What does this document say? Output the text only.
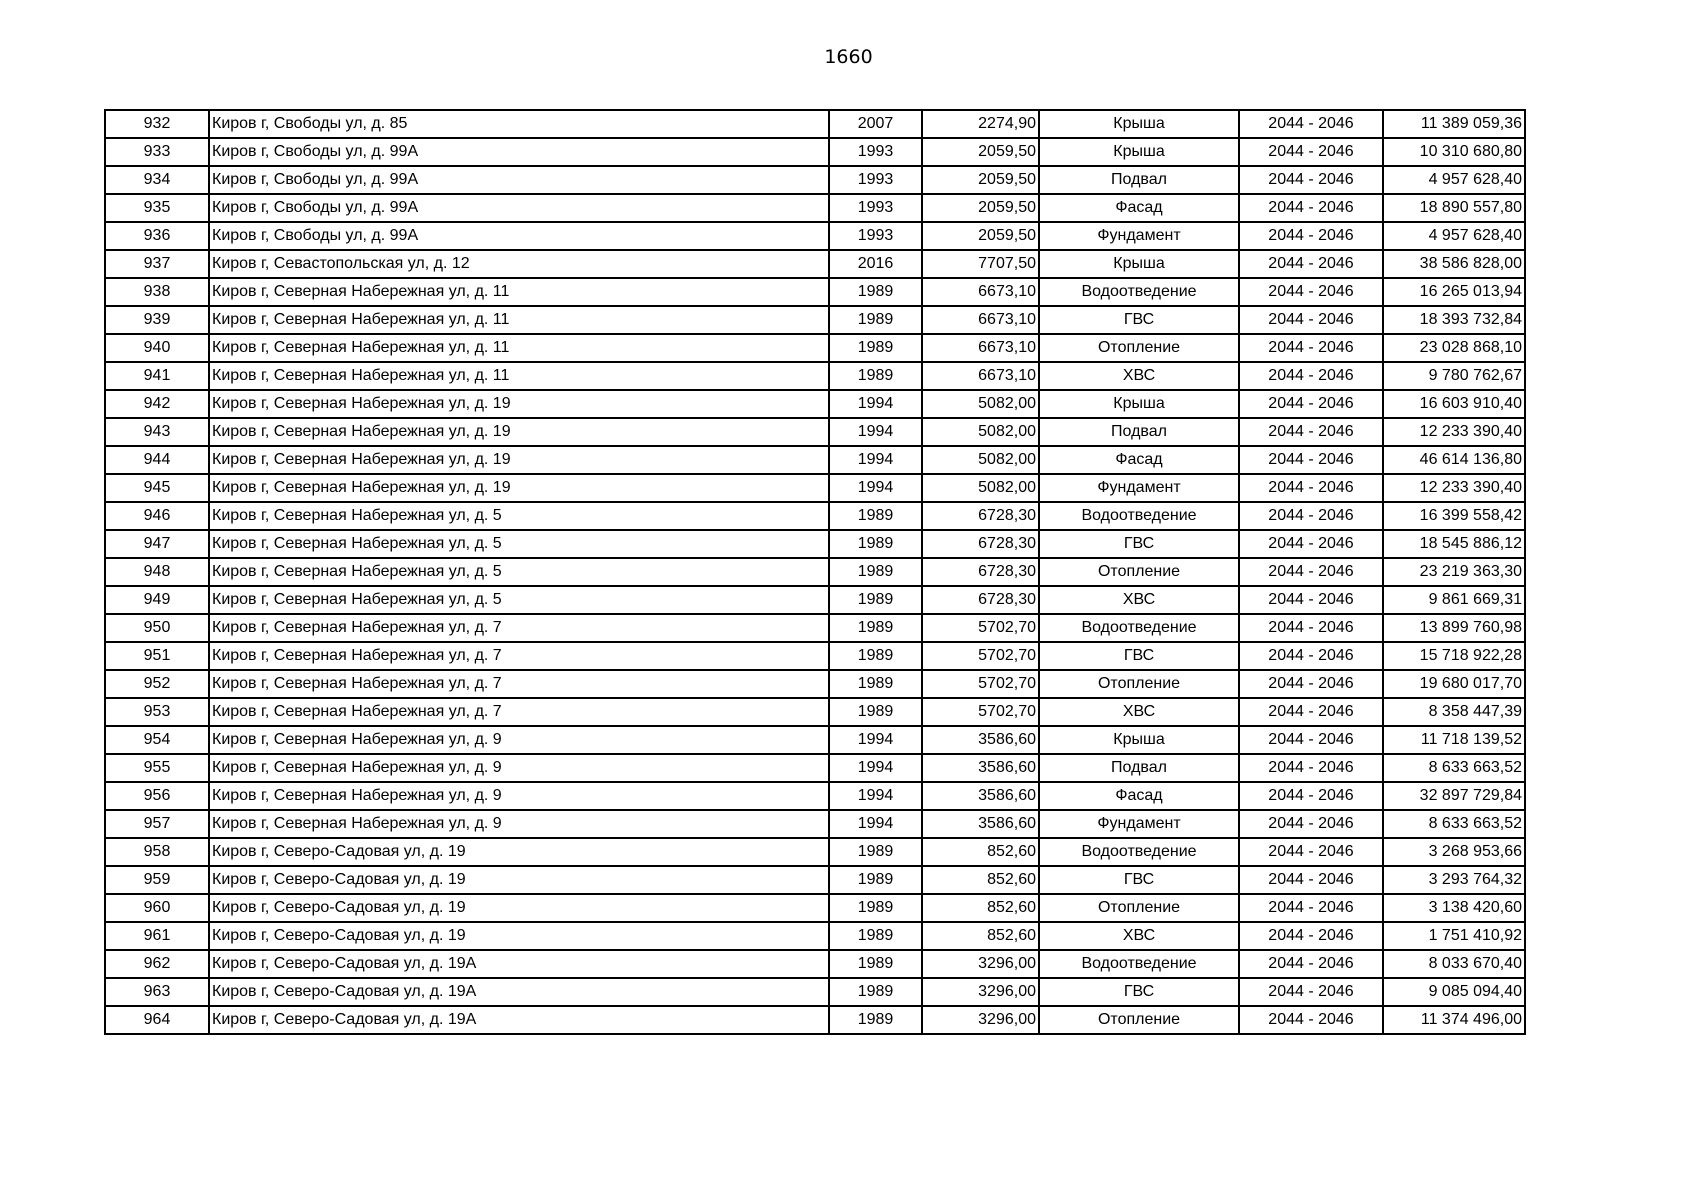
1660
932	Киров г, Свободы ул, д. 85	2007	2274,90	Крыша	2044 - 2046	11 389 059,36
933	Киров г, Свободы ул, д. 99А	1993	2059,50	Крыша	2044 - 2046	10 310 680,80
934	Киров г, Свободы ул, д. 99А	1993	2059,50	Подвал	2044 - 2046	4 957 628,40
935	Киров г, Свободы ул, д. 99А	1993	2059,50	Фасад	2044 - 2046	18 890 557,80
936	Киров г, Свободы ул, д. 99А	1993	2059,50	Фундамент	2044 - 2046	4 957 628,40
937	Киров г, Севастопольская ул, д. 12	2016	7707,50	Крыша	2044 - 2046	38 586 828,00
938	Киров г, Северная Набережная ул, д. 11	1989	6673,10	Водоотведение	2044 - 2046	16 265 013,94
939	Киров г, Северная Набережная ул, д. 11	1989	6673,10	ГВС	2044 - 2046	18 393 732,84
940	Киров г, Северная Набережная ул, д. 11	1989	6673,10	Отопление	2044 - 2046	23 028 868,10
941	Киров г, Северная Набережная ул, д. 11	1989	6673,10	ХВС	2044 - 2046	9 780 762,67
942	Киров г, Северная Набережная ул, д. 19	1994	5082,00	Крыша	2044 - 2046	16 603 910,40
943	Киров г, Северная Набережная ул, д. 19	1994	5082,00	Подвал	2044 - 2046	12 233 390,40
944	Киров г, Северная Набережная ул, д. 19	1994	5082,00	Фасад	2044 - 2046	46 614 136,80
945	Киров г, Северная Набережная ул, д. 19	1994	5082,00	Фундамент	2044 - 2046	12 233 390,40
946	Киров г, Северная Набережная ул, д. 5	1989	6728,30	Водоотведение	2044 - 2046	16 399 558,42
947	Киров г, Северная Набережная ул, д. 5	1989	6728,30	ГВС	2044 - 2046	18 545 886,12
948	Киров г, Северная Набережная ул, д. 5	1989	6728,30	Отопление	2044 - 2046	23 219 363,30
949	Киров г, Северная Набережная ул, д. 5	1989	6728,30	ХВС	2044 - 2046	9 861 669,31
950	Киров г, Северная Набережная ул, д. 7	1989	5702,70	Водоотведение	2044 - 2046	13 899 760,98
951	Киров г, Северная Набережная ул, д. 7	1989	5702,70	ГВС	2044 - 2046	15 718 922,28
952	Киров г, Северная Набережная ул, д. 7	1989	5702,70	Отопление	2044 - 2046	19 680 017,70
953	Киров г, Северная Набережная ул, д. 7	1989	5702,70	ХВС	2044 - 2046	8 358 447,39
954	Киров г, Северная Набережная ул, д. 9	1994	3586,60	Крыша	2044 - 2046	11 718 139,52
955	Киров г, Северная Набережная ул, д. 9	1994	3586,60	Подвал	2044 - 2046	8 633 663,52
956	Киров г, Северная Набережная ул, д. 9	1994	3586,60	Фасад	2044 - 2046	32 897 729,84
957	Киров г, Северная Набережная ул, д. 9	1994	3586,60	Фундамент	2044 - 2046	8 633 663,52
958	Киров г, Северо-Садовая ул, д. 19	1989	852,60	Водоотведение	2044 - 2046	3 268 953,66
959	Киров г, Северо-Садовая ул, д. 19	1989	852,60	ГВС	2044 - 2046	3 293 764,32
960	Киров г, Северо-Садовая ул, д. 19	1989	852,60	Отопление	2044 - 2046	3 138 420,60
961	Киров г, Северо-Садовая ул, д. 19	1989	852,60	ХВС	2044 - 2046	1 751 410,92
962	Киров г, Северо-Садовая ул, д. 19А	1989	3296,00	Водоотведение	2044 - 2046	8 033 670,40
963	Киров г, Северо-Садовая ул, д. 19А	1989	3296,00	ГВС	2044 - 2046	9 085 094,40
964	Киров г, Северо-Садовая ул, д. 19А	1989	3296,00	Отопление	2044 - 2046	11 374 496,00
